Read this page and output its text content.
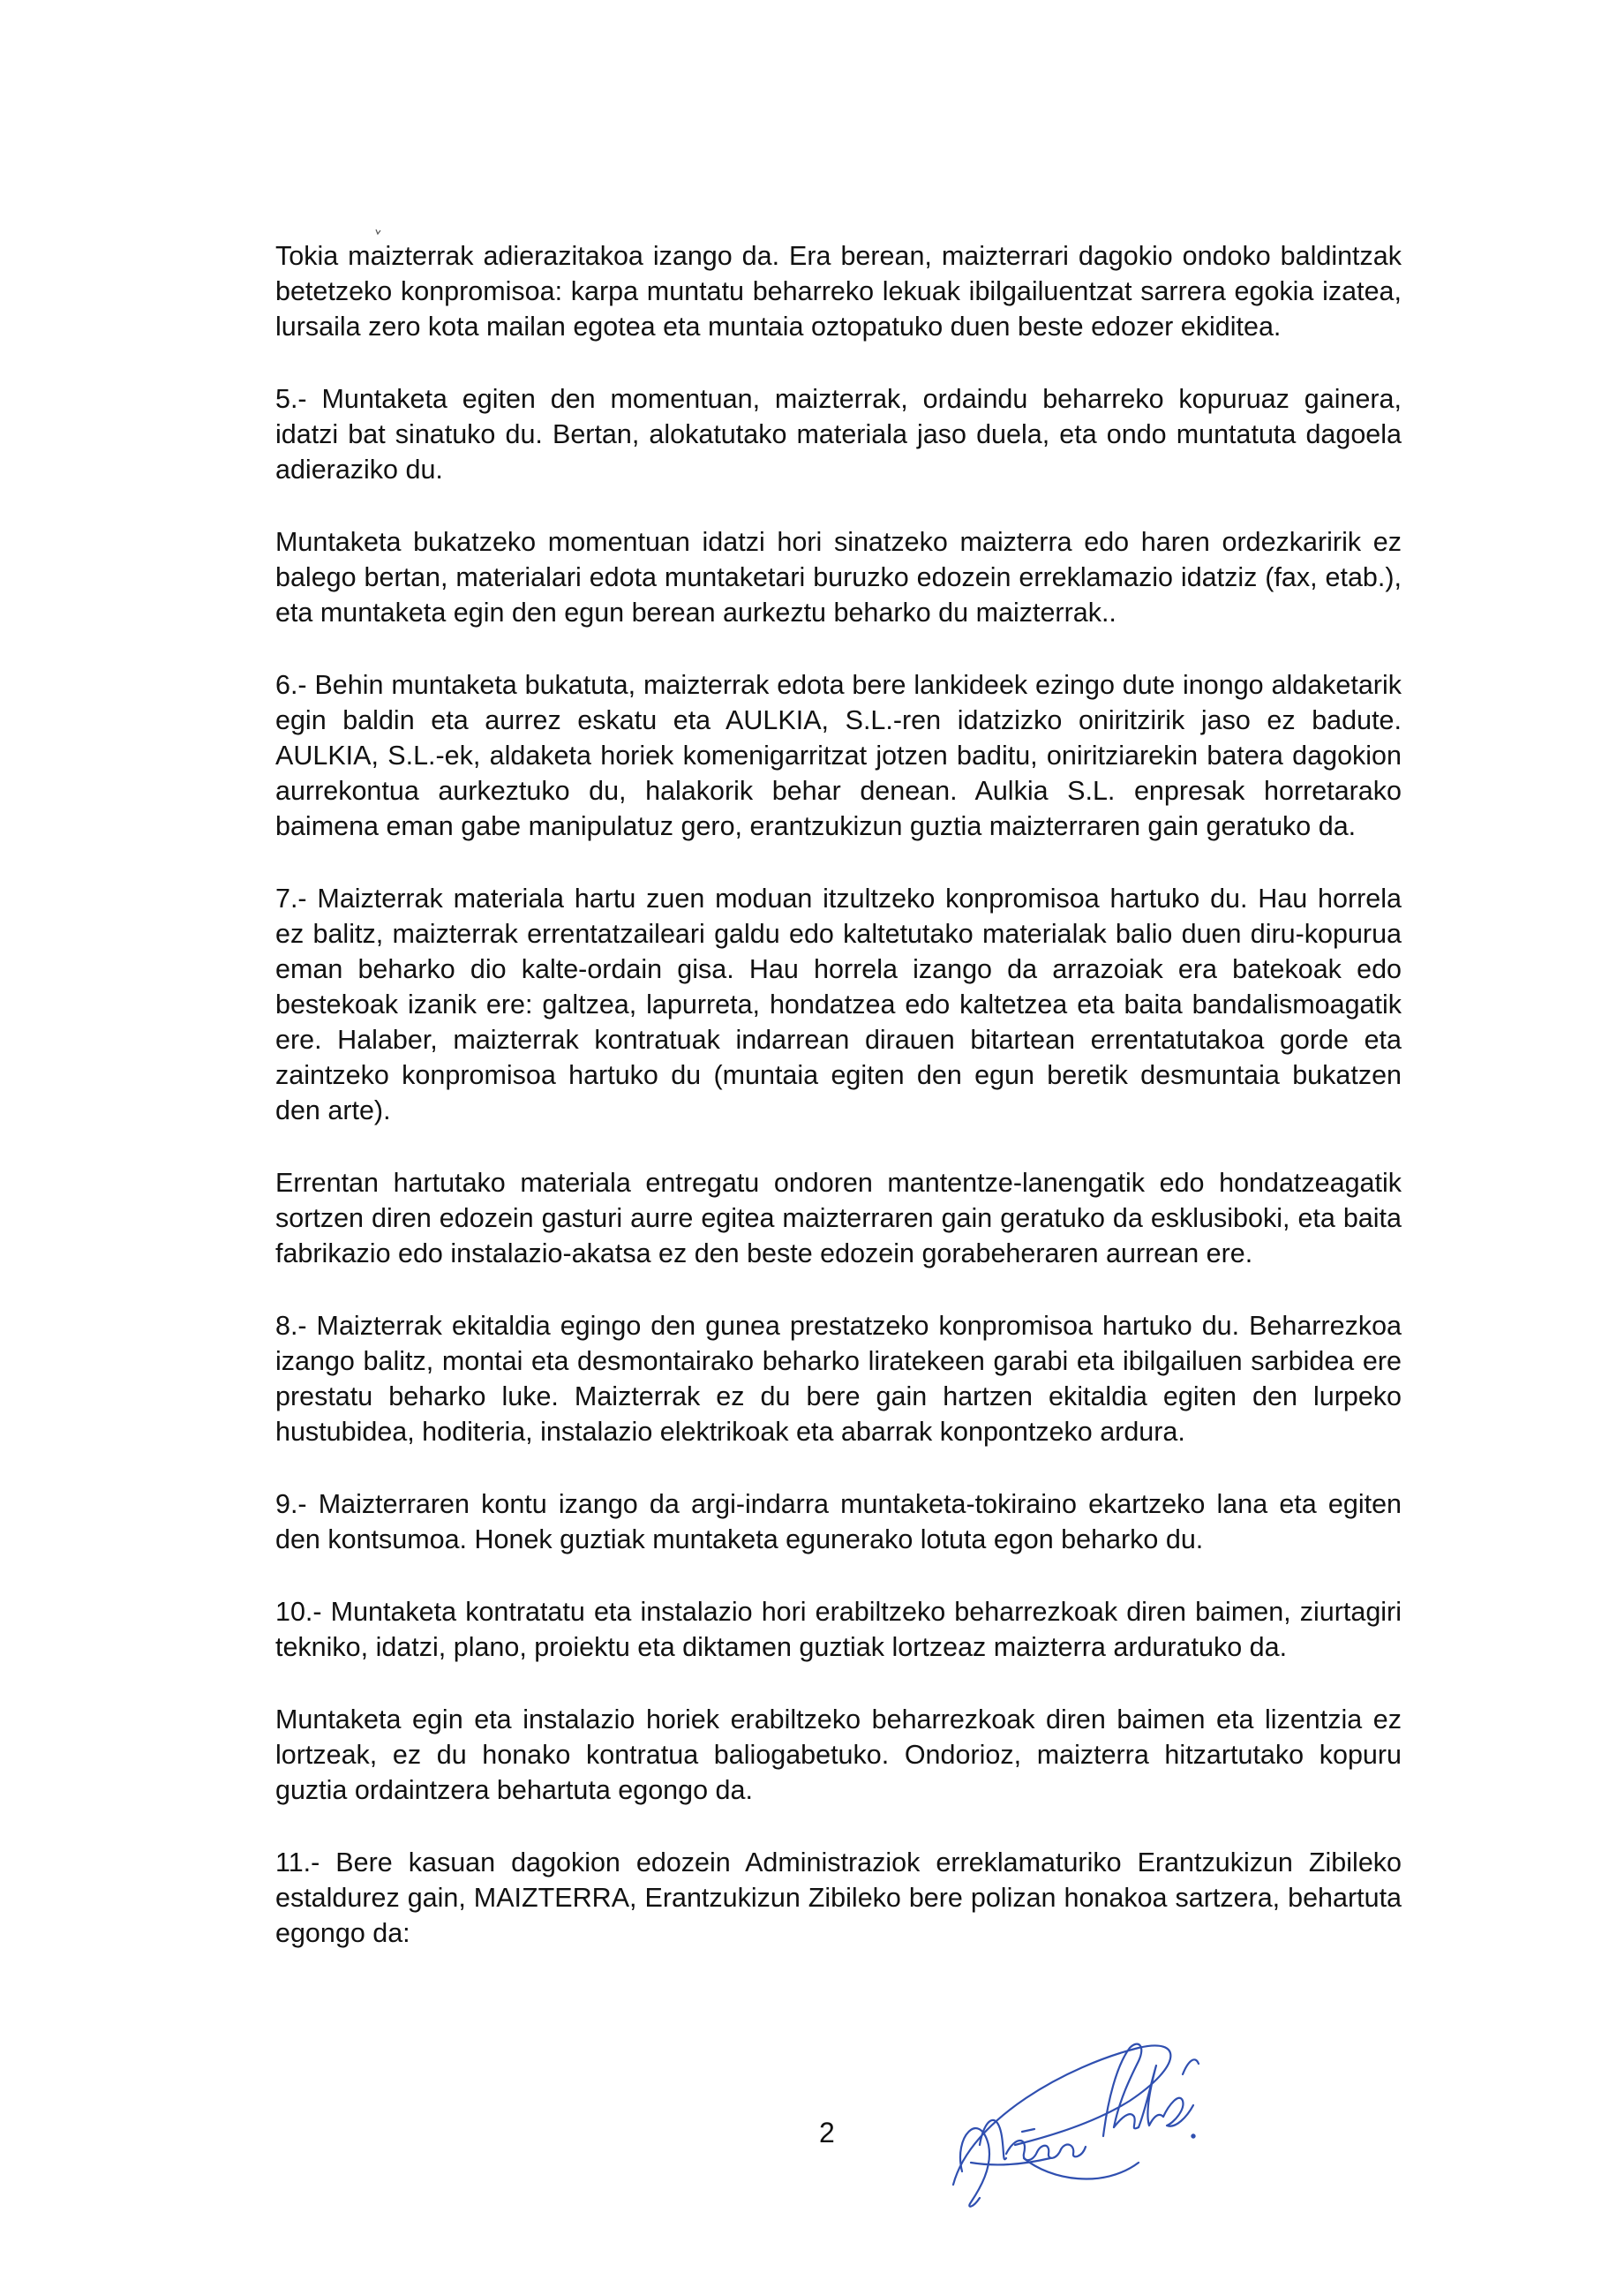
Tokia maizterrak adierazitakoa izango da. Era berean, maizterrari dagokio ondoko baldintzak betetzeko konpromisoa: karpa muntatu beharreko lekuak ibilgailuentzat sarrera egokia izatea, lursaila zero kota mailan egotea eta muntaia oztopatuko duen beste edozer ekiditea.

5.- Muntaketa egiten den momentuan, maizterrak, ordaindu beharreko kopuruaz gainera, idatzi bat sinatuko du. Bertan, alokatutako materiala jaso duela, eta ondo muntatuta dagoela adieraziko du.

Muntaketa bukatzeko momentuan idatzi hori sinatzeko maizterra edo haren ordezkaririk ez balego bertan, materialari edota muntaketari buruzko edozein erreklamazio idatziz (fax, etab.), eta muntaketa egin den egun berean aurkeztu beharko du maizterrak..

6.- Behin muntaketa bukatuta, maizterrak edota bere lankideek ezingo dute inongo aldaketarik egin baldin eta aurrez eskatu eta AULKIA, S.L.-ren idatzizko oniritzirik jaso ez badute. AULKIA, S.L.-ek, aldaketa horiek komenigarritzat jotzen baditu, oniritziarekin batera dagokion aurrekontua aurkeztuko du, halakorik behar denean. Aulkia S.L. enpresak horretarako baimena eman gabe manipulatuz gero, erantzukizun guztia maizterraren gain geratuko da.

7.- Maizterrak materiala hartu zuen moduan itzultzeko konpromisoa hartuko du. Hau horrela ez balitz, maizterrak errentatzaileari galdu edo kaltetutako materialak balio duen diru-kopurua eman beharko dio kalte-ordain gisa. Hau horrela izango da arrazoiak era batekoak edo bestekoak izanik ere: galtzea, lapurreta, hondatzea edo kaltetzea eta baita bandalismoagatik ere. Halaber, maizterrak kontratuak indarrean dirauen bitartean errentatutakoa gorde eta zaintzeko konpromisoa hartuko du (muntaia egiten den egun beretik desmuntaia bukatzen den arte).

Errentan hartutako materiala entregatu ondoren mantentze-lanengatik edo hondatzeagatik sortzen diren edozein gasturi aurre egitea maizterraren gain geratuko da esklusiboki, eta baita fabrikazio edo instalazio-akatsa ez den beste edozein gorabeheraren aurrean ere.

8.- Maizterrak ekitaldia egingo den gunea prestatzeko konpromisoa hartuko du. Beharrezkoa izango balitz, montai eta desmontairako beharko liratekeen garabi eta ibilgailuen sarbidea ere prestatu beharko luke. Maizterrak ez du bere gain hartzen ekitaldia egiten den lurpeko hustubidea, hoditeria, instalazio elektrikoak eta abarrak konpontzeko ardura.

9.- Maizterraren kontu izango da argi-indarra muntaketa-tokiraino ekartzeko lana eta egiten den kontsumoa. Honek guztiak muntaketa egunerako lotuta egon beharko du.

10.- Muntaketa kontratatu eta instalazio hori erabiltzeko beharrezkoak diren baimen, ziurtagiri tekniko, idatzi, plano, proiektu eta diktamen guztiak lortzeaz maizterra arduratuko da.

Muntaketa egin eta instalazio horiek erabiltzeko beharrezkoak diren baimen eta lizentzia ez lortzeak, ez du honako kontratua baliogabetuko. Ondorioz, maizterra hitzartutako kopuru guztia ordaintzera behartuta egongo da.

11.- Bere kasuan dagokion edozein Administraziok erreklamaturiko Erantzukizun Zibileko estaldurez gain, MAIZTERRA, Erantzukizun Zibileko bere polizan honakoa sartzera, behartuta egongo da:

2
